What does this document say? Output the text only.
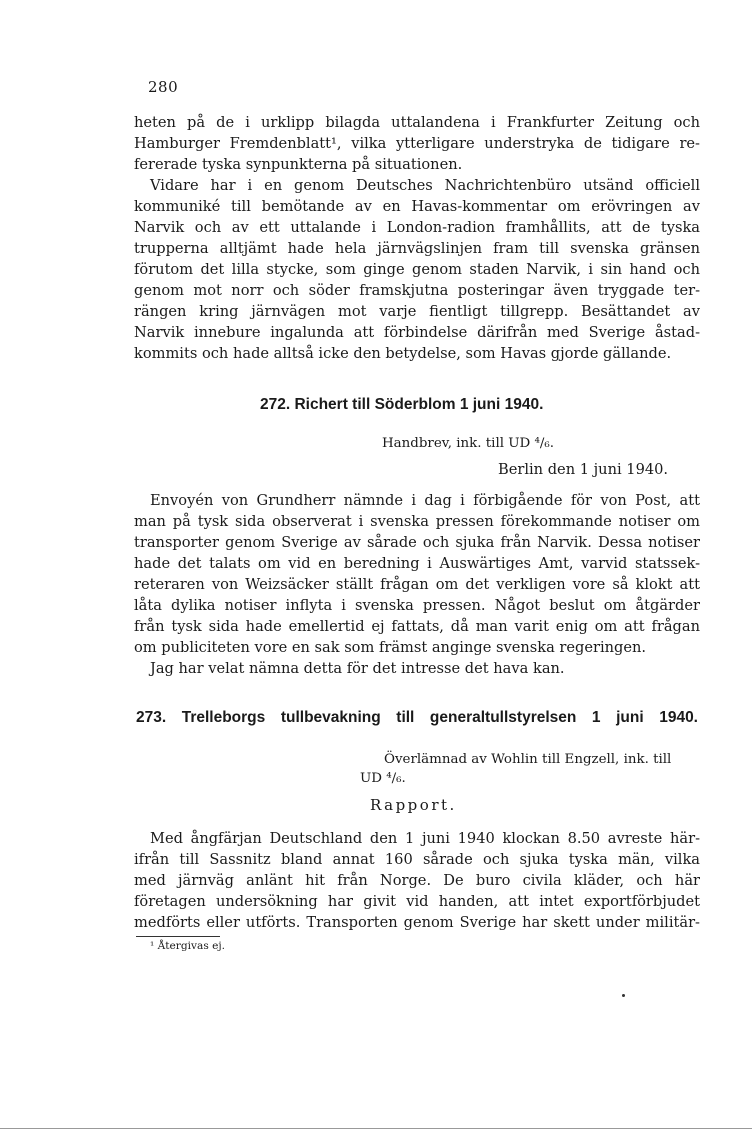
280
heten på de i urklipp bilagda uttalandena i Frankfurter Zeitung och
Hamburger Fremdenblatt¹, vilka ytterligare understryka de tidigare re-
fererade tyska synpunkterna på situationen.
Vidare har i en genom Deutsches Nachrichtenbüro utsänd officiell
kommuniké till bemötande av en Havas-kommentar om erövringen av
Narvik och av ett uttalande i London-radion framhållits, att de tyska
trupperna alltjämt hade hela järnvägslinjen fram till svenska gränsen
förutom det lilla stycke, som ginge genom staden Narvik, i sin hand och
genom mot norr och söder framskjutna posteringar även tryggade ter-
rängen kring järnvägen mot varje fientligt tillgrepp. Besättandet av
Narvik innebure ingalunda att förbindelse därifrån med Sverige åstad-
kommits och hade alltså icke den betydelse, som Havas gjorde gällande.
272. Richert till Söderblom 1 juni 1940.
Handbrev, ink. till UD ⁴/₆.
Berlin den 1 juni 1940.
Envoyén von Grundherr nämnde i dag i förbigående för von Post, att
man på tysk sida observerat i svenska pressen förekommande notiser om
transporter genom Sverige av sårade och sjuka från Narvik. Dessa notiser
hade det talats om vid en beredning i Auswärtiges Amt, varvid statssek-
reteraren von Weizsäcker ställt frågan om det verkligen vore så klokt att
låta dylika notiser inflyta i svenska pressen. Något beslut om åtgärder
från tysk sida hade emellertid ej fattats, då man varit enig om att frågan
om publiciteten vore en sak som främst anginge svenska regeringen.
Jag har velat nämna detta för det intresse det hava kan.
273. Trelleborgs tullbevakning till generaltullstyrelsen 1 juni 1940.
Överlämnad av Wohlin till Engzell, ink. till
UD ⁴/₆.
Rapport.
Med ångfärjan Deutschland den 1 juni 1940 klockan 8.50 avreste här-
ifrån till Sassnitz bland annat 160 sårade och sjuka tyska män, vilka
med järnväg anlänt hit från Norge. De buro civila kläder, och här
företagen undersökning har givit vid handen, att intet exportförbjudet
medförts eller utförts. Transporten genom Sverige har skett under militär-
¹ Återgivas ej.
